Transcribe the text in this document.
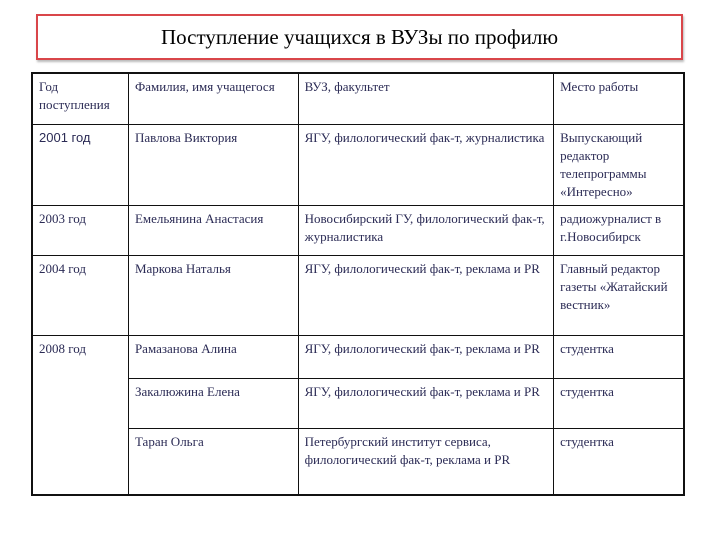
Поступление учащихся в ВУЗы по профилю
Год поступления	Фамилия, имя учащегося	ВУЗ, факультет	Место работы
2001 год	Павлова Виктория	ЯГУ, филологический фак-т, журналистика	Выпускающий редактор телепрограммы «Интересно»
2003 год	Емельянина Анастасия	Новосибирский ГУ, филологический фак-т, журналистика	радиожурналист в г.Новосибирск
2004 год	Маркова Наталья	ЯГУ, филологический фак-т, реклама и PR	Главный редактор газеты «Жатайский вестник»
2008 год	Рамазанова Алина	ЯГУ, филологический фак-т, реклама и PR	студентка
	Закалюжина Елена	ЯГУ, филологический фак-т, реклама и PR	студентка
	Таран Ольга	Петербургский институт сервиса, филологический фак-т, реклама и PR	студентка
